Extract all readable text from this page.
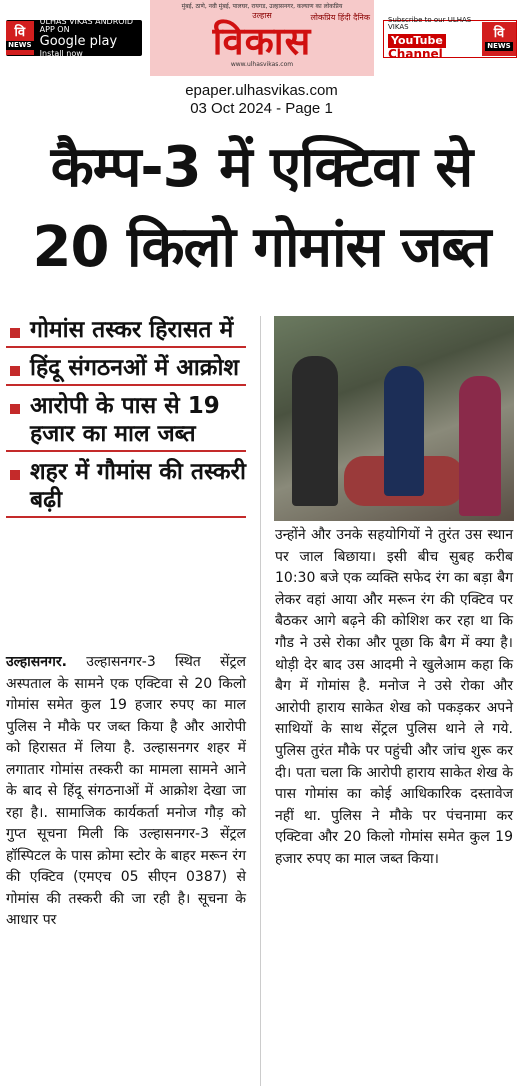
वि
NEWS
ULHAS VIKAS ANDROID APP ON
Google play
Install now
मुंबई, ठाणे, नवी मुंबई, पालघर, रायगड, उल्हासनगर, कल्याण का लोकप्रिय
उल्हास
विकास
लोकप्रिय हिंदी दैनिक
www.ulhasvikas.com
Subscribe to our ULHAS VIKAS
YouTube Channel
वि
NEWS
epaper.ulhasvikas.com
03 Oct 2024 - Page 1
कैम्प-3 में एक्टिवा से
20 किलो गोमांस जब्त
गोमांस तस्कर हिरासत में
हिंदू संगठनओं में आक्रोश
आरोपी के पास से 19 हजार का माल जब्त
शहर में गौमांस की तस्करी बढ़ी
उल्हासनगर. उल्हासनगर-3 स्थित सेंट्रल अस्पताल के सामने एक एक्टिवा से 20 किलो गोमांस समेत कुल 19 हजार रुपए का माल पुलिस ने मौके पर जब्त किया है और आरोपी को हिरासत में लिया है. उल्हासनगर शहर में लगातार गोमांस तस्करी का मामला सामने आने के बाद से हिंदू संगठनाओं में आक्रोश देखा जा रहा है।. सामाजिक कार्यकर्ता मनोज गौड़ को गुप्त सूचना मिली कि उल्हासनगर-3 सेंट्रल हॉस्पिटल के पास क्रोमा स्टोर के बाहर मरून रंग की एक्टिव (एमएच 05 सीएन 0387) से गोमांस की तस्करी की जा रही है। सूचना के आधार पर
उन्होंने और उनके सहयोगियों ने तुरंत उस स्थान पर जाल बिछाया। इसी बीच सुबह करीब 10:30 बजे एक व्यक्ति सफेद रंग का बड़ा बैग लेकर वहां आया और मरून रंग की एक्टिव पर बैठकर आगे बढ़ने की कोशिश कर रहा था कि गौड ने उसे रोका और पूछा कि बैग में क्या है। थोड़ी देर बाद उस आदमी ने खुलेआम कहा कि बैग में गोमांस है. मनोज ने उसे रोका और आरोपी हाराय साकेत शेख को पकड़कर अपने साथियों के साथ सेंट्रल पुलिस थाने ले गये. पुलिस तुरंत मौके पर पहुंची और जांच शुरू कर दी। पता चला कि आरोपी हाराय साकेत शेख के पास गोमांस का कोई आधिकारिक दस्तावेज नहीं था. पुलिस ने मौके पर पंचनामा कर एक्टिवा और 20 किलो गोमांस समेत कुल 19 हजार रुपए का माल जब्त किया।
